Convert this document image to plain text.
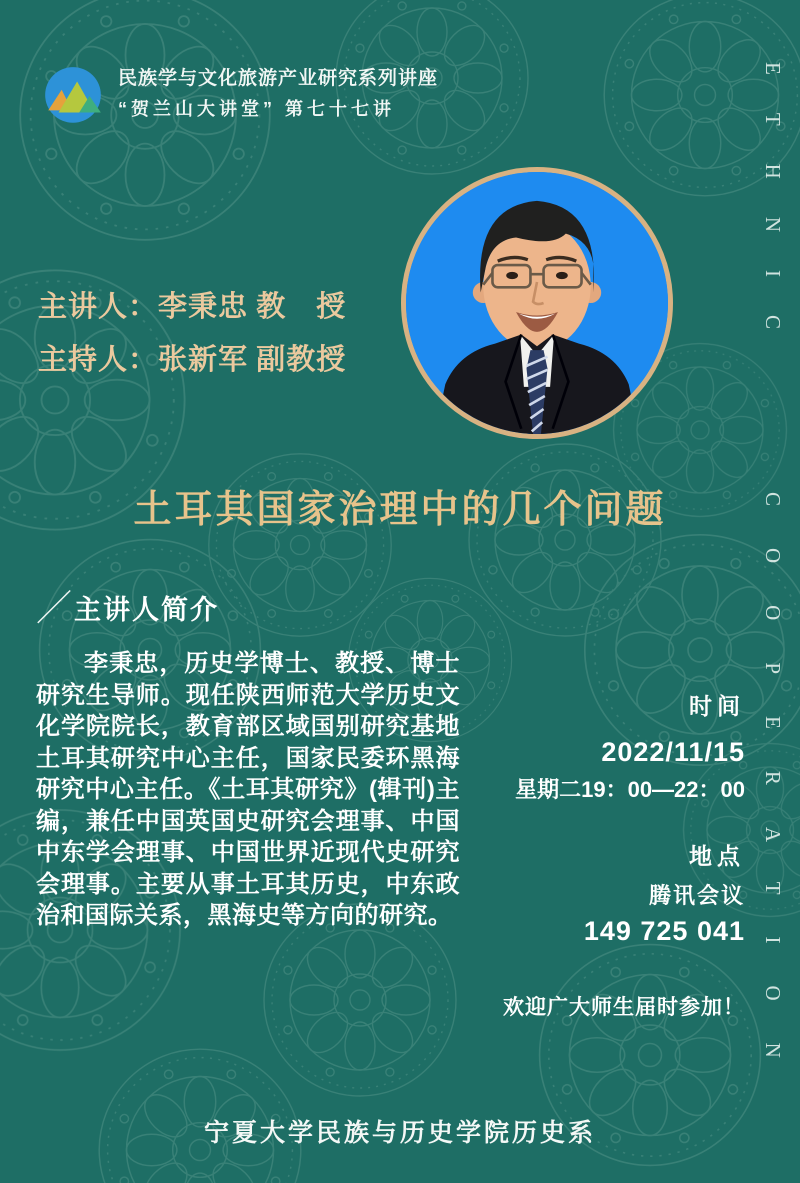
民族学与文化旅游产业研究系列讲座
“贺兰山大讲堂” 第七十七讲	ETHNIC
COOPERATION
主讲人：李秉忠 教　授
主持人：张新军 副教授
土耳其国家治理中的几个问题
／ 主讲人简介
李秉忠，历史学博士、教授、博士研究生导师。现任陕西师范大学历史文化学院院长，教育部区域国别研究基地土耳其研究中心主任，国家民委环黑海研究中心主任。《土耳其研究》(辑刊)主编，兼任中国英国史研究会理事、中国中东学会理事、中国世界近现代史研究会理事。主要从事土耳其历史，中东政治和国际关系，黑海史等方向的研究。
时间
2022/11/15
星期二19：00—22：00
地点
腾讯会议
149 725 041
欢迎广大师生届时参加！
宁夏大学民族与历史学院历史系
